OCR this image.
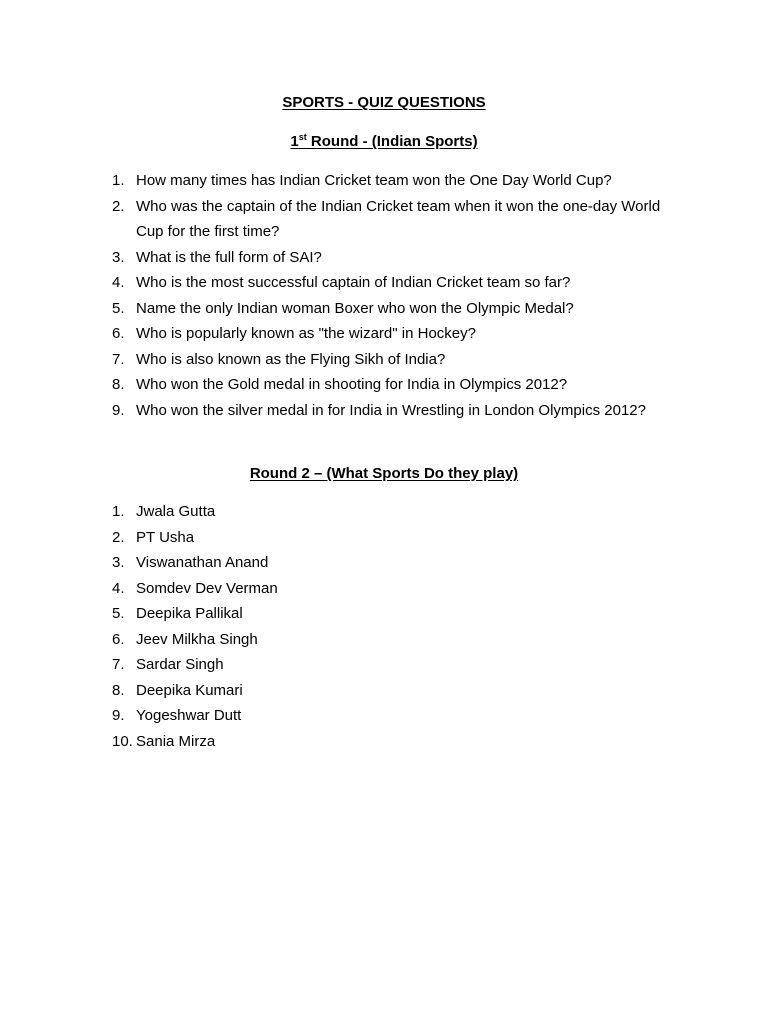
SPORTS - QUIZ QUESTIONS
1st Round - (Indian Sports)
1. How many times has Indian Cricket team won the One Day World Cup?
2. Who was the captain of the Indian Cricket team when it won the one-day World Cup for the first time?
3. What is the full form of SAI?
4. Who is the most successful captain of Indian Cricket team so far?
5. Name the only Indian woman Boxer who won the Olympic Medal?
6. Who is popularly known as "the wizard" in Hockey?
7. Who is also known as the Flying Sikh of India?
8. Who won the Gold medal in shooting for India in Olympics 2012?
9. Who won the silver medal in for India in Wrestling in London Olympics 2012?
Round 2 – (What Sports Do they play)
1. Jwala Gutta
2. PT Usha
3. Viswanathan Anand
4. Somdev Dev Verman
5. Deepika Pallikal
6. Jeev Milkha Singh
7. Sardar Singh
8. Deepika Kumari
9. Yogeshwar Dutt
10. Sania Mirza
